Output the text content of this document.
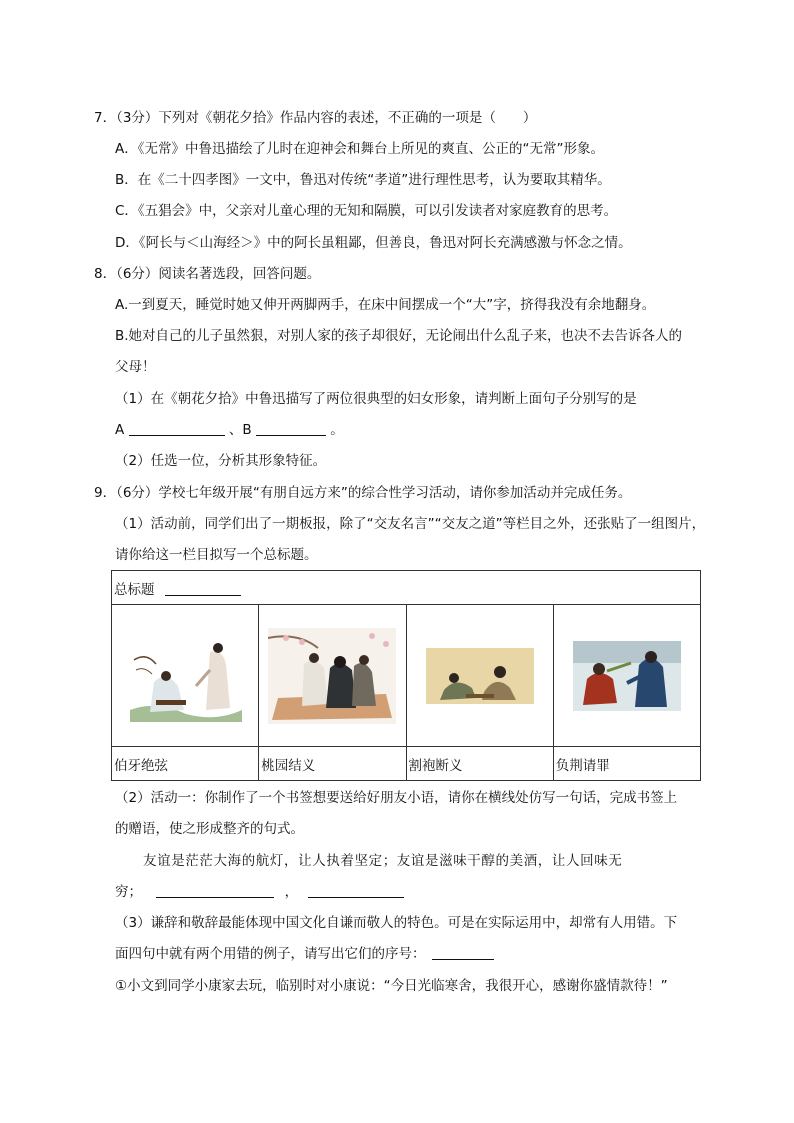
7．（3分）下列对《朝花夕拾》作品内容的表述，不正确的一项是（　　）
A．《无常》中鲁迅描绘了儿时在迎神会和舞台上所见的爽直、公正的“无常”形象。
B．在《二十四孝图》一文中，鲁迅对传统“孝道”进行理性思考，认为要取其精华。
C．《五猖会》中，父亲对儿童心理的无知和隔膜，可以引发读者对家庭教育的思考。
D．《阿长与＜山海经＞》中的阿长虽粗鄙，但善良，鲁迅对阿长充满感激与怀念之情。
8．（6分）阅读名著选段，回答问题。
A.一到夏天，睡觉时她又伸开两脚两手，在床中间摆成一个“大”字，挤得我没有余地翻身。
B.她对自己的儿子虽然狠，对别人家的孩子却很好，无论闹出什么乱子来，也决不去告诉各人的
父母！
（1）在《朝花夕拾》中鲁迅描写了两位很典型的妇女形象，请判断上面句子分别写的是
A	、B	。
（2）任选一位，分析其形象特征。
9．（6分）学校七年级开展“有朋自远方来”的综合性学习活动，请你参加活动并完成任务。
（1）活动前，同学们出了一期板报，除了“交友名言”“交友之道”等栏目之外，还张贴了一组图片，
请你给这一栏目拟写一个总标题。
总标题			

伯牙绝弦	桃园结义	割袍断义	负荆请罪
（2）活动一：你制作了一个书签想要送给好朋友小语，请你在横线处仿写一句话，完成书签上
的赠语，使之形成整齐的句式。
友谊是茫茫大海的航灯，让人执着坚定；友谊是滋味干醇的美酒，让人回味无
穷；	，
（3）谦辞和敬辞最能体现中国文化自谦而敬人的特色。可是在实际运用中，却常有人用错。下
面四句中就有两个用错的例子，请写出它们的序号：
①小文到同学小康家去玩，临别时对小康说：“今日光临寒舍，我很开心，感谢你盛情款待！”
